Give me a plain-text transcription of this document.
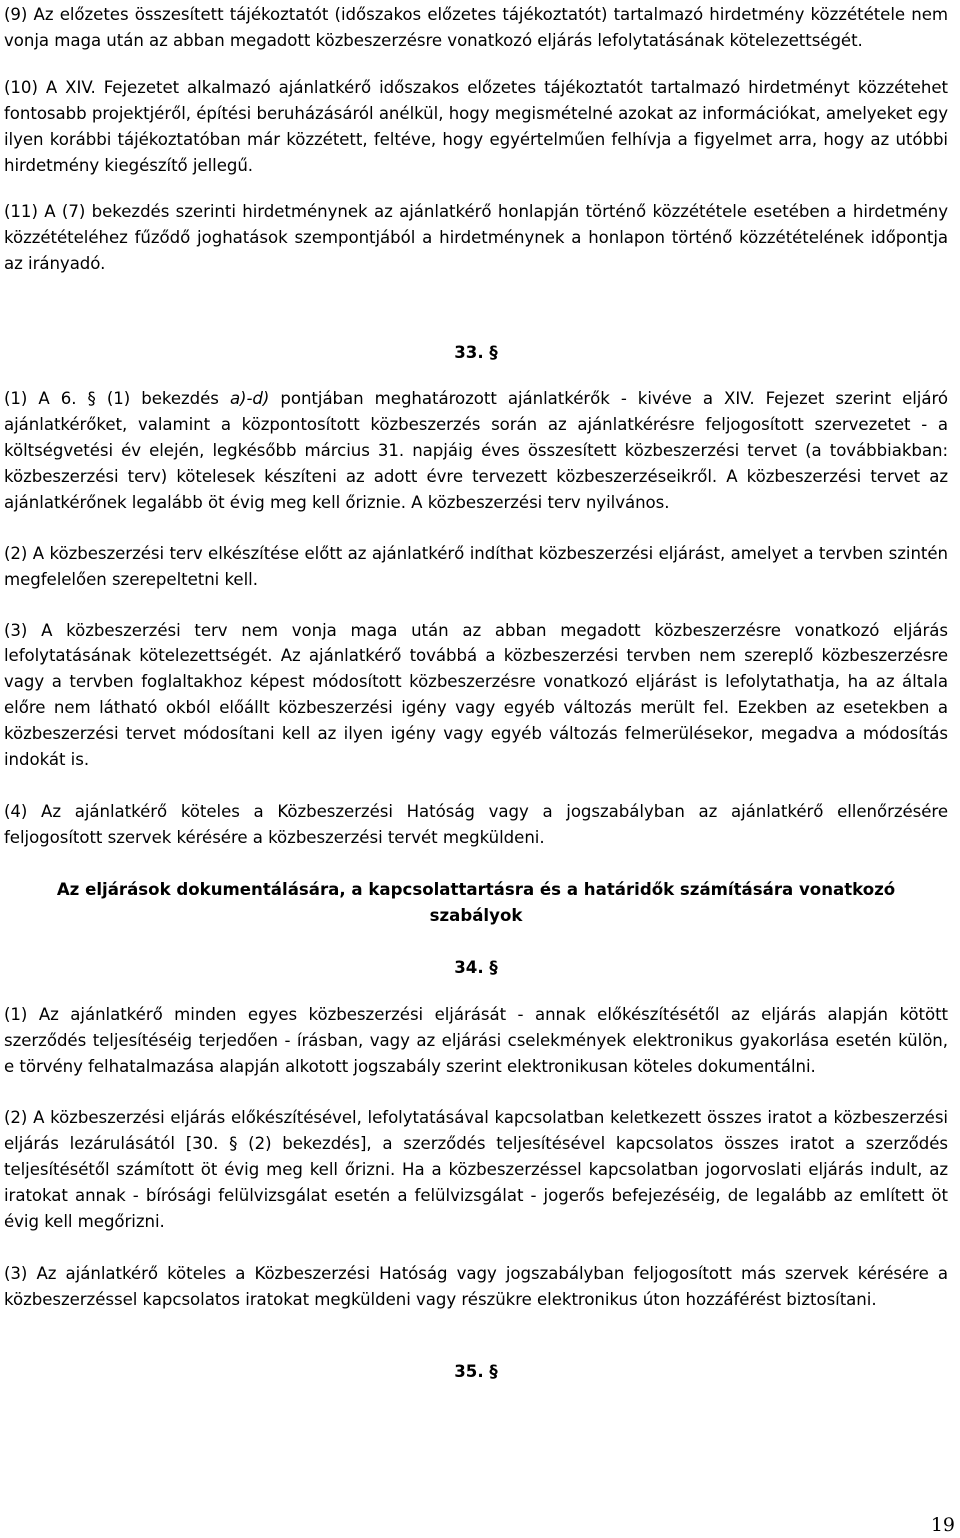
(9) Az előzetes összesített tájékoztatót (időszakos előzetes tájékoztatót) tartalmazó hirdetmény közzététele nem vonja maga után az abban megadott közbeszerzésre vonatkozó eljárás lefolytatásának kötelezettségét.

(10) A XIV. Fejezetet alkalmazó ajánlatkérő időszakos előzetes tájékoztatót tartalmazó hirdetményt közzétehet fontosabb projektjéről, építési beruházásáról anélkül, hogy megismételné azokat az információkat, amelyeket egy ilyen korábbi tájékoztatóban már közzétett, feltéve, hogy egyértelműen felhívja a figyelmet arra, hogy az utóbbi hirdetmény kiegészítő jellegű.

(11) A (7) bekezdés szerinti hirdetménynek az ajánlatkérő honlapján történő közzététele esetében a hirdetmény közzétételéhez fűződő joghatások szempontjából a hirdetménynek a honlapon történő közzétételének időpontja az irányadó.

33. §

(1) A 6. § (1) bekezdés a)-d) pontjában meghatározott ajánlatkérők - kivéve a XIV. Fejezet szerint eljáró ajánlatkérőket, valamint a központosított közbeszerzés során az ajánlatkérésre feljogosított szervezetet - a költségvetési év elején, legkésőbb március 31. napjáig éves összesített közbeszerzési tervet (a továbbiakban: közbeszerzési terv) kötelesek készíteni az adott évre tervezett közbeszerzéseikről. A közbeszerzési tervet az ajánlatkérőnek legalább öt évig meg kell őriznie. A közbeszerzési terv nyilvános.

(2) A közbeszerzési terv elkészítése előtt az ajánlatkérő indíthat közbeszerzési eljárást, amelyet a tervben szintén megfelelően szerepeltetni kell.

(3) A közbeszerzési terv nem vonja maga után az abban megadott közbeszerzésre vonatkozó eljárás lefolytatásának kötelezettségét. Az ajánlatkérő továbbá a közbeszerzési tervben nem szereplő közbeszerzésre vagy a tervben foglaltakhoz képest módosított közbeszerzésre vonatkozó eljárást is lefolytathatja, ha az általa előre nem látható okból előállt közbeszerzési igény vagy egyéb változás merült fel. Ezekben az esetekben a közbeszerzési tervet módosítani kell az ilyen igény vagy egyéb változás felmerülésekor, megadva a módosítás indokát is.

(4) Az ajánlatkérő köteles a Közbeszerzési Hatóság vagy a jogszabályban az ajánlatkérő ellenőrzésére feljogosított szervek kérésére a közbeszerzési tervét megküldeni.

Az eljárások dokumentálására, a kapcsolattartásra és a határidők számítására vonatkozó szabályok

34. §

(1) Az ajánlatkérő minden egyes közbeszerzési eljárását - annak előkészítésétől az eljárás alapján kötött szerződés teljesítéséig terjedően - írásban, vagy az eljárási cselekmények elektronikus gyakorlása esetén külön, e törvény felhatalmazása alapján alkotott jogszabály szerint elektronikusan köteles dokumentálni.

(2) A közbeszerzési eljárás előkészítésével, lefolytatásával kapcsolatban keletkezett összes iratot a közbeszerzési eljárás lezárulásától [30. § (2) bekezdés], a szerződés teljesítésével kapcsolatos összes iratot a szerződés teljesítésétől számított öt évig meg kell őrizni. Ha a közbeszerzéssel kapcsolatban jogorvoslati eljárás indult, az iratokat annak - bírósági felülvizsgálat esetén a felülvizsgálat - jogerős befejezéséig, de legalább az említett öt évig kell megőrizni.

(3) Az ajánlatkérő köteles a Közbeszerzési Hatóság vagy jogszabályban feljogosított más szervek kérésére a közbeszerzéssel kapcsolatos iratokat megküldeni vagy részükre elektronikus úton hozzáférést biztosítani.

35. §

19
